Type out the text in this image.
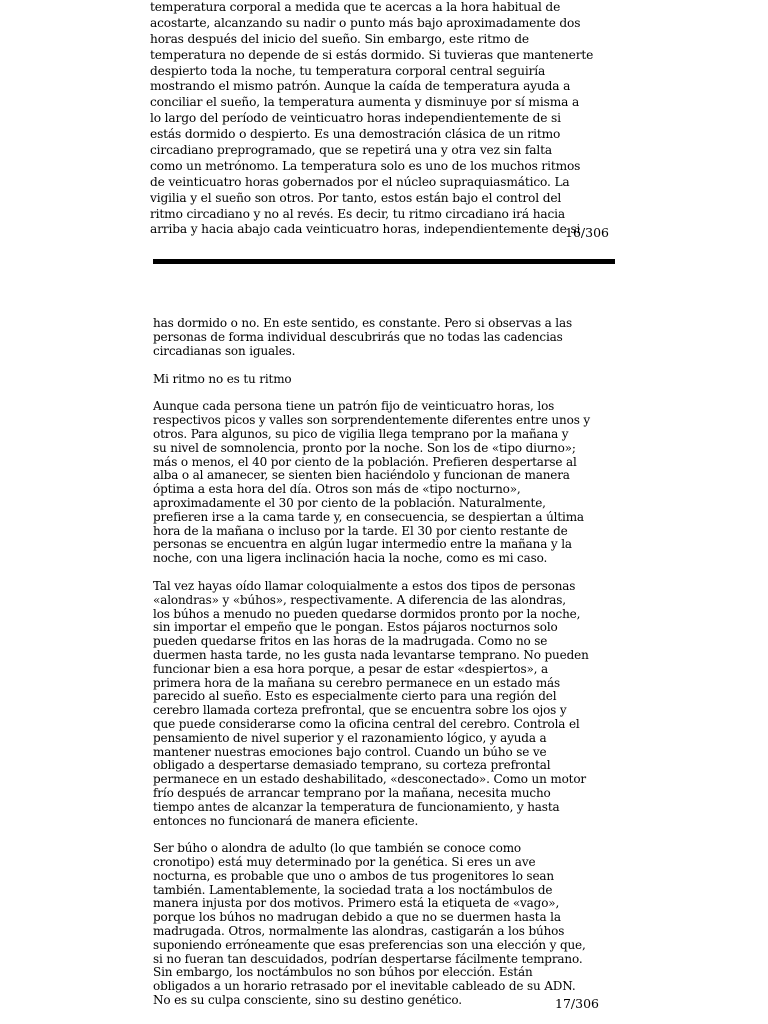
temperatura corporal a medida que te acercas a la hora habitual de
acostarte, alcanzando su nadir o punto más bajo aproximadamente dos
horas después del inicio del sueño. Sin embargo, este ritmo de
temperatura no depende de si estás dormido. Si tuvieras que mantenerte
despierto toda la noche, tu temperatura corporal central seguiría
mostrando el mismo patrón. Aunque la caída de temperatura ayuda a
conciliar el sueño, la temperatura aumenta y disminuye por sí misma a
lo largo del período de veinticuatro horas independientemente de si
estás dormido o despierto. Es una demostración clásica de un ritmo
circadiano preprogramado, que se repetirá una y otra vez sin falta
como un metrónomo. La temperatura solo es uno de los muchos ritmos
de veinticuatro horas gobernados por el núcleo supraquiasmático. La
vigilia y el sueño son otros. Por tanto, estos están bajo el control del
ritmo circadiano y no al revés. Es decir, tu ritmo circadiano irá hacia
arriba y hacia abajo cada veinticuatro horas, independientemente de si
16/306
has dormido o no. En este sentido, es constante. Pero si observas a las
personas de forma individual descubrirás que no todas las cadencias
circadianas son iguales.
Mi ritmo no es tu ritmo
Aunque cada persona tiene un patrón fijo de veinticuatro horas, los
respectivos picos y valles son sorprendentemente diferentes entre unos y
otros. Para algunos, su pico de vigilia llega temprano por la mañana y
su nivel de somnolencia, pronto por la noche. Son los de «tipo diurno»;
más o menos, el 40 por ciento de la población. Prefieren despertarse al
alba o al amanecer, se sienten bien haciéndolo y funcionan de manera
óptima a esta hora del día. Otros son más de «tipo nocturno»,
aproximadamente el 30 por ciento de la población. Naturalmente,
prefieren irse a la cama tarde y, en consecuencia, se despiertan a última
hora de la mañana o incluso por la tarde. El 30 por ciento restante de
personas se encuentra en algún lugar intermedio entre la mañana y la
noche, con una ligera inclinación hacia la noche, como es mi caso.
Tal vez hayas oído llamar coloquialmente a estos dos tipos de personas
«alondras» y «búhos», respectivamente. A diferencia de las alondras,
los búhos a menudo no pueden quedarse dormidos pronto por la noche,
sin importar el empeño que le pongan. Estos pájaros nocturnos solo
pueden quedarse fritos en las horas de la madrugada. Como no se
duermen hasta tarde, no les gusta nada levantarse temprano. No pueden
funcionar bien a esa hora porque, a pesar de estar «despiertos», a
primera hora de la mañana su cerebro permanece en un estado más
parecido al sueño. Esto es especialmente cierto para una región del
cerebro llamada corteza prefrontal, que se encuentra sobre los ojos y
que puede considerarse como la oficina central del cerebro. Controla el
pensamiento de nivel superior y el razonamiento lógico, y ayuda a
mantener nuestras emociones bajo control. Cuando un búho se ve
obligado a despertarse demasiado temprano, su corteza prefrontal
permanece en un estado deshabilitado, «desconectado». Como un motor
frío después de arrancar temprano por la mañana, necesita mucho
tiempo antes de alcanzar la temperatura de funcionamiento, y hasta
entonces no funcionará de manera eficiente.
Ser búho o alondra de adulto (lo que también se conoce como
cronotipo) está muy determinado por la genética. Si eres un ave
nocturna, es probable que uno o ambos de tus progenitores lo sean
también. Lamentablemente, la sociedad trata a los noctámbulos de
manera injusta por dos motivos. Primero está la etiqueta de «vago»,
porque los búhos no madrugan debido a que no se duermen hasta la
madrugada. Otros, normalmente las alondras, castigarán a los búhos
suponiendo erróneamente que esas preferencias son una elección y que,
si no fueran tan descuidados, podrían despertarse fácilmente temprano.
Sin embargo, los noctámbulos no son búhos por elección. Están
obligados a un horario retrasado por el inevitable cableado de su ADN.
No es su culpa consciente, sino su destino genético.	17/306
